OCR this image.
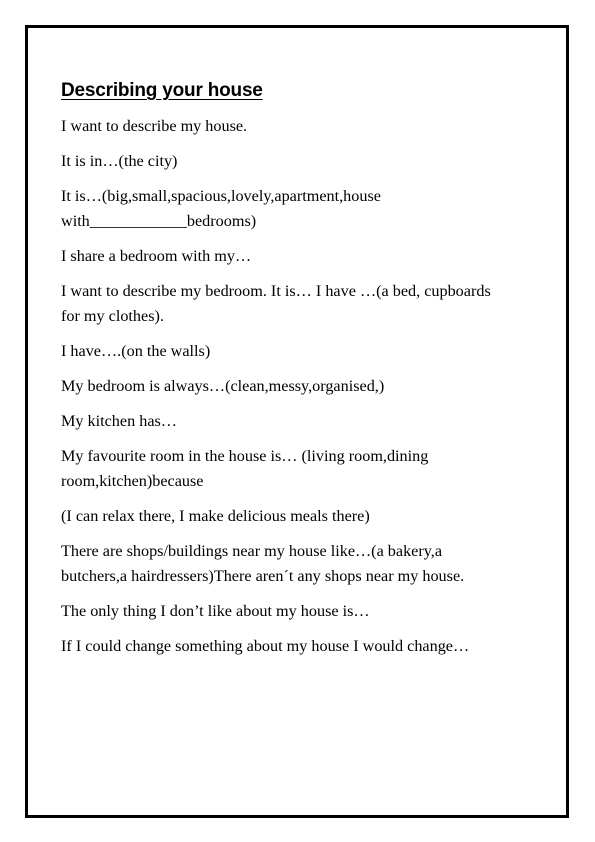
Describing your house

I want to describe my house.

It is in…(the city)

It is…(big,small,spacious,lovely,apartment,house
with____________bedrooms)

I share a bedroom with my…

I want to describe my bedroom. It is… I have …(a bed, cupboards
for my clothes).

I have….(on the walls)

My bedroom is always…(clean,messy,organised,)

My kitchen has…

My favourite room in the house is… (living room,dining
room,kitchen)because

(I can relax there, I make delicious meals there)

There are shops/buildings near my house like…(a bakery,a
butchers,a hairdressers)There aren´t any shops near my house.

The only thing I don’t like about my house is…

If I could change something about my house I would change…
